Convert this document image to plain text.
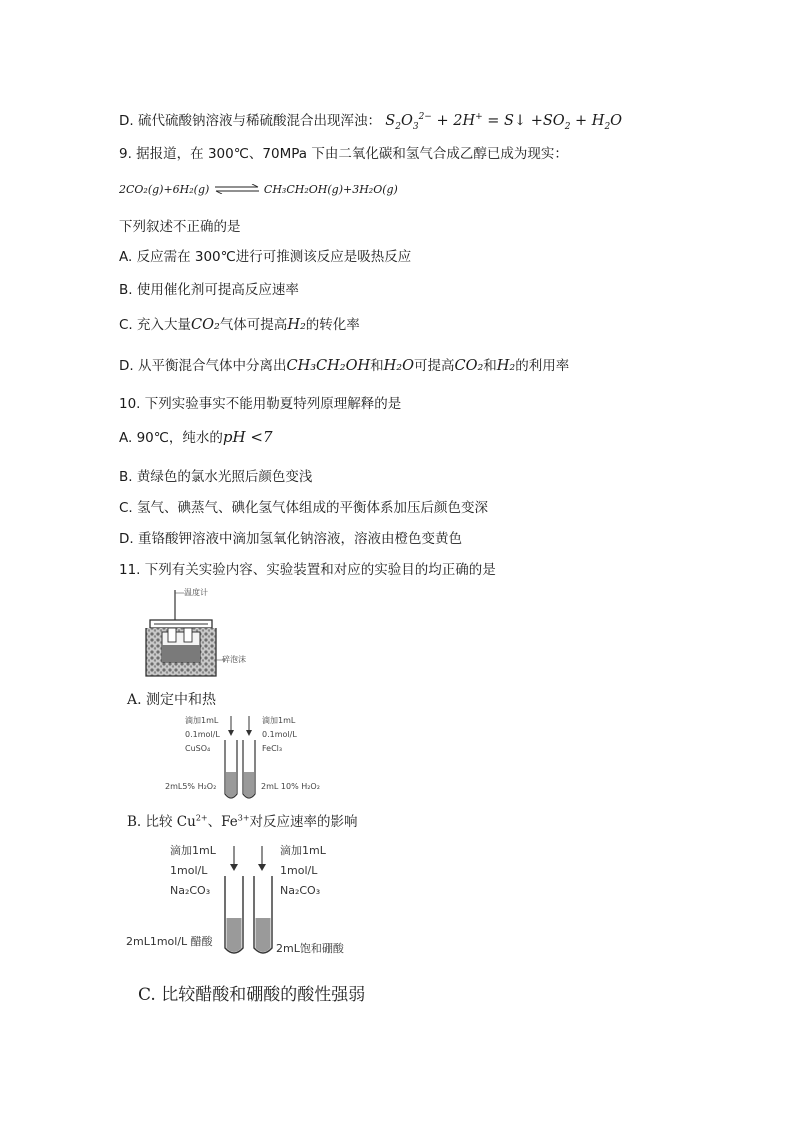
D. 硫代硫酸钠溶液与稀硫酸混合出现浑浊： $S_2O_3^{2-} + 2H^+$ = S↓ $+SO_2 + H_2O$
9. 据报道，在 300℃、70MPa 下由二氧化碳和氢气合成乙醇已成为现实：
2CO₂(g)+6H₂(g) ⇌ CH₃CH₂OH(g)+3H₂O(g)
下列叙述不正确的是
A. 反应需在 300℃进行可推测该反应是吸热反应
B. 使用催化剂可提高反应速率
C. 充入大量CO₂气体可提高H₂的转化率
D. 从平衡混合气体中分离出CH₃CH₂OH和H₂O可提高CO₂和H₂的利用率
10. 下列实验事实不能用勒夏特列原理解释的是
A. 90℃，纯水的pH <7
B. 黄绿色的氯水光照后颜色变浅
C. 氢气、碘蒸气、碘化氢气体组成的平衡体系加压后颜色变深
D. 重铬酸钾溶液中滴加氢氧化钠溶液，溶液由橙色变黄色
11. 下列有关实验内容、实验装置和对应的实验目的均正确的是
温度计
碎泡沫
A. 测定中和热
滴加1mL
0.1mol/L
CuSO₄
滴加1mL
0.1mol/L
FeCl₃
2mL5% H₂O₂	2mL 10% H₂O₂
B. 比较 $Cu^{2+}$、$Fe^{3+}$对反应速率的影响
滴加1mL
1mol/L
Na₂CO₃
滴加1mL
1mol/L
Na₂CO₃
2mL1mol/L 醋酸
2mL饱和硼酸
C. 比较醋酸和硼酸的酸性强弱
